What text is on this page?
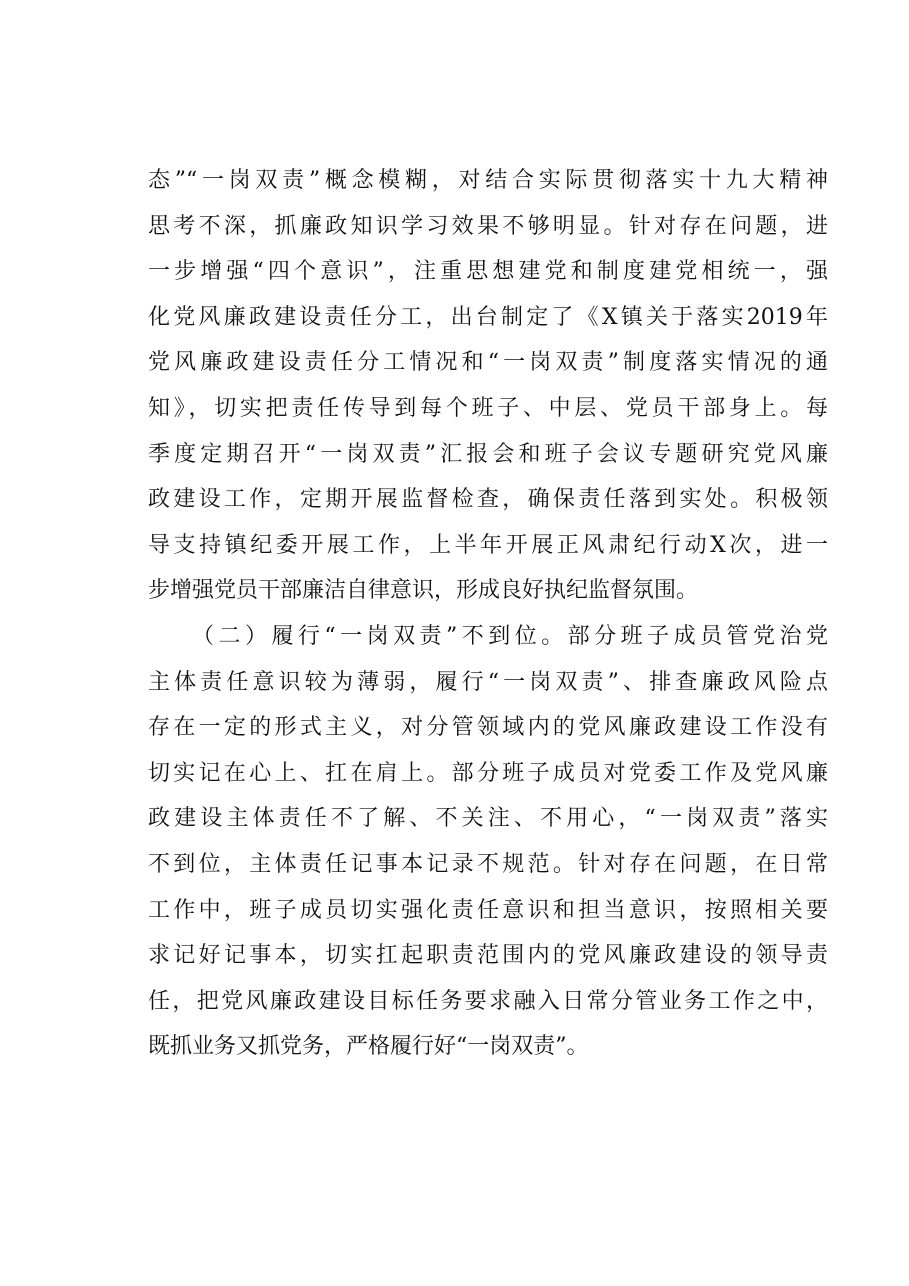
态”“一岗双责”概念模糊，对结合实际贯彻落实十九大精神
思考不深，抓廉政知识学习效果不够明显。针对存在问题，进
一步增强“四个意识”，注重思想建党和制度建党相统一，强
化党风廉政建设责任分工，出台制定了《X镇关于落实2019年
党风廉政建设责任分工情况和“一岗双责”制度落实情况的通
知》，切实把责任传导到每个班子、中层、党员干部身上。每
季度定期召开“一岗双责”汇报会和班子会议专题研究党风廉
政建设工作，定期开展监督检查，确保责任落到实处。积极领
导支持镇纪委开展工作，上半年开展正风肃纪行动X次，进一
步增强党员干部廉洁自律意识，形成良好执纪监督氛围。
（二）履行“一岗双责”不到位。部分班子成员管党治党
主体责任意识较为薄弱，履行“一岗双责”、排查廉政风险点
存在一定的形式主义，对分管领域内的党风廉政建设工作没有
切实记在心上、扛在肩上。部分班子成员对党委工作及党风廉
政建设主体责任不了解、不关注、不用心，“一岗双责”落实
不到位，主体责任记事本记录不规范。针对存在问题，在日常
工作中，班子成员切实强化责任意识和担当意识，按照相关要
求记好记事本，切实扛起职责范围内的党风廉政建设的领导责
任，把党风廉政建设目标任务要求融入日常分管业务工作之中，
既抓业务又抓党务，严格履行好“一岗双责”。
